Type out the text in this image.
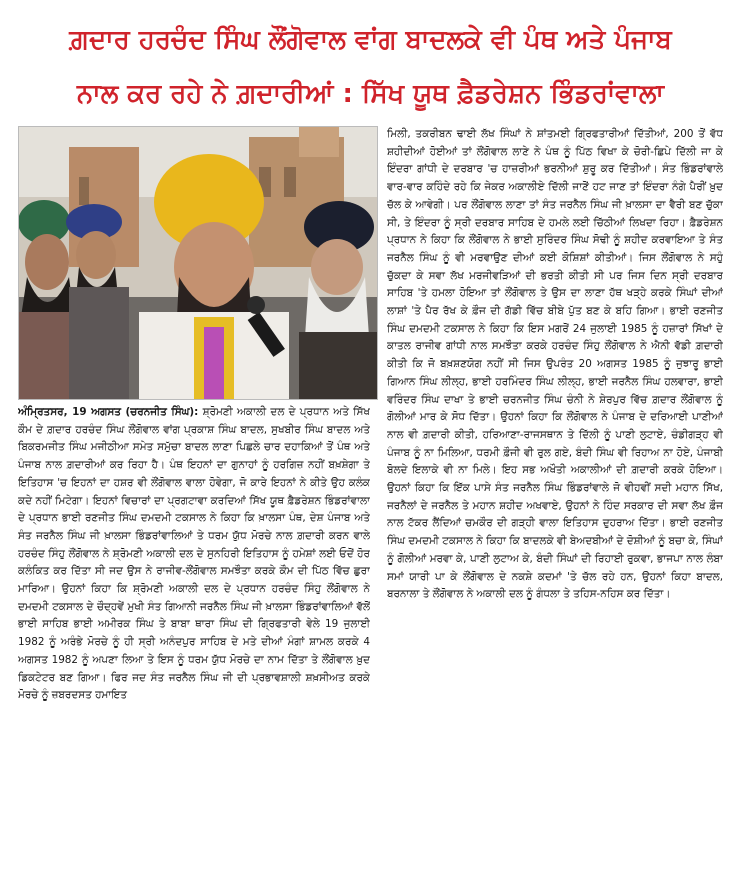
ਗ਼ਦਾਰ ਹਰਚੰਦ ਸਿੰਘ ਲੌਂਗੋਵਾਲ ਵਾਂਗ ਬਾਦਲਕੇ ਵੀ ਪੰਥ ਅਤੇ ਪੰਜਾਬ
ਨਾਲ ਕਰ ਰਹੇ ਨੇ ਗ਼ਦਾਰੀਆਂ : ਸਿੱਖ ਯੂਥ ਫ਼ੈਡਰੇਸ਼ਨ ਭਿੰਡਰਾਂਵਾਲਾ
ਅੰਮ੍ਰਿਤਸਰ, 19 ਅਗਸਤ (ਚਰਨਜੀਤ ਸਿੰਘ): ਸ਼੍ਰੋਮਣੀ ਅਕਾਲੀ ਦਲ ਦੇ ਪ੍ਰਧਾਨ ਅਤੇ ਸਿੱਖ ਕੌਮ ਦੇ ਗ਼ਦਾਰ ਹਰਚੰਦ ਸਿੰਘ ਲੌਂਗੋਵਾਲ ਵਾਂਗ ਪ੍ਰਕਾਸ਼ ਸਿੰਘ ਬਾਦਲ, ਸੁਖਬੀਰ ਸਿੰਘ ਬਾਦਲ ਅਤੇ ਬਿਕਰਮਜੀਤ ਸਿੰਘ ਮਜੀਠੀਆ ਸਮੇਤ ਸਮੁੱਚਾ ਬਾਦਲ ਲਾਣਾ ਪਿਛਲੇ ਚਾਰ ਦਹਾਕਿਆਂ ਤੋਂ ਪੰਥ ਅਤੇ ਪੰਜਾਬ ਨਾਲ ਗ਼ਦਾਰੀਆਂ ਕਰ ਰਿਹਾ ਹੈ। ਪੰਥ ਇਹਨਾਂ ਦਾ ਗੁਨਾਹਾਂ ਨੂੰ ਹਰਗਿਜ਼ ਨਹੀਂ ਬਖ਼ਸ਼ੇਗਾ ਤੇ ਇਤਿਹਾਸ 'ਚ ਇਹਨਾਂ ਦਾ ਹਸ਼ਰ ਵੀ ਲੌਂਗੋਵਾਲ ਵਾਲਾ ਹੋਵੇਗਾ, ਜੋ ਕਾਰੇ ਇਹਨਾਂ ਨੇ ਕੀਤੇ ਉਹ ਕਲੰਕ ਕਦੇ ਨਹੀਂ ਮਿਟੇਗਾ। ਇਹਨਾਂ ਵਿਚਾਰਾਂ ਦਾ ਪ੍ਰਗਟਾਵਾ ਕਰਦਿਆਂ ਸਿੱਖ ਯੂਥ ਫ਼ੈਡਰੇਸ਼ਨ ਭਿੰਡਰਾਂਵਾਲਾ ਦੇ ਪ੍ਰਧਾਨ ਭਾਈ ਰਣਜੀਤ ਸਿੰਘ ਦਮਦਮੀ ਟਕਸਾਲ ਨੇ ਕਿਹਾ ਕਿ ਖ਼ਾਲਸਾ ਪੰਥ, ਦੇਸ਼ ਪੰਜਾਬ ਅਤੇ ਸੰਤ ਜਰਨੈਲ ਸਿੰਘ ਜੀ ਖ਼ਾਲਸਾ ਭਿੰਡਰਾਂਵਾਲਿਆਂ ਤੇ ਧਰਮ ਯੁੱਧ ਮੋਰਚੇ ਨਾਲ ਗ਼ਦਾਰੀ ਕਰਨ ਵਾਲੇ ਹਰਚੰਦ ਸਿੰਹੁ ਲੌਂਗੋਵਾਲ ਨੇ ਸ਼੍ਰੋਮਣੀ ਅਕਾਲੀ ਦਲ ਦੇ ਸੁਨਹਿਰੀ ਇਤਿਹਾਸ ਨੂੰ ਹਮੇਸ਼ਾਂ ਲਈ ਓਦੋਂ ਹੋਰ ਕਲੰਕਿਤ ਕਰ ਦਿੱਤਾ ਸੀ ਜਦ ਉਸ ਨੇ ਰਾਜੀਵ-ਲੌਂਗੋਵਾਲ ਸਮਝੌਤਾ ਕਰਕੇ ਕੌਮ ਦੀ ਪਿੱਠ ਵਿੱਚ ਛੁਰਾ ਮਾਰਿਆ। ਉਹਨਾਂ ਕਿਹਾ ਕਿ ਸ਼੍ਰੋਮਣੀ ਅਕਾਲੀ ਦਲ ਦੇ ਪ੍ਰਧਾਨ ਹਰਚੰਦ ਸਿੰਹੁ ਲੌਂਗੋਵਾਲ ਨੇ ਦਮਦਮੀ ਟਕਸਾਲ ਦੇ ਚੌਦ੍ਹਵੇਂ ਮੁਖੀ ਸੰਤ ਗਿਆਨੀ ਜਰਨੈਲ ਸਿੰਘ ਜੀ ਖ਼ਾਲਸਾ ਭਿੰਡਰਾਂਵਾਲਿਆਂ ਵੱਲੋਂ ਭਾਈ ਸਾਹਿਬ ਭਾਈ ਅਮੀਰਕ ਸਿੰਘ ਤੇ ਬਾਬਾ ਥਾਰਾ ਸਿੰਘ ਦੀ ਗ੍ਰਿਫਤਾਰੀ ਵੇਲੇ 19 ਜੁਲਾਈ 1982 ਨੂੰ ਅਰੰਭੇ ਮੋਰਚੇ ਨੂੰ ਹੀ ਸ੍ਰੀ ਅਨੰਦਪੁਰ ਸਾਹਿਬ ਦੇ ਮਤੇ ਦੀਆਂ ਮੰਗਾਂ ਸ਼ਾਮਲ ਕਰਕੇ 4 ਅਗਸਤ 1982 ਨੂੰ ਅਪਣਾ ਲਿਆ ਤੇ ਇਸ ਨੂੰ ਧਰਮ ਯੁੱਧ ਮੋਰਚੇ ਦਾ ਨਾਮ ਦਿੱਤਾ ਤੇ ਲੌਂਗੋਵਾਲ ਖ਼ੁਦ ਡਿਕਟੇਟਰ ਬਣ ਗਿਆ। ਫਿਰ ਜਦ ਸੰਤ ਜਰਨੈਲ ਸਿੰਘ ਜੀ ਦੀ ਪ੍ਰਭਾਵਸ਼ਾਲੀ ਸ਼ਖ਼ਸੀਅਤ ਕਰਕੇ ਮੋਰਚੇ ਨੂੰ ਜ਼ਬਰਦਸਤ ਹਮਾਇਤ
ਮਿਲੀ, ਤਕਰੀਬਨ ਢਾਈ ਲੱਖ ਸਿੰਘਾਂ ਨੇ ਸ਼ਾਂਤਮਈ ਗ੍ਰਿਫਤਾਰੀਆਂ ਦਿੱਤੀਆਂ, 200 ਤੋਂ ਵੱਧ ਸ਼ਹੀਦੀਆਂ ਹੋਈਆਂ ਤਾਂ ਲੌਂਗੋਵਾਲ ਲਾਣੇ ਨੇ ਪੰਥ ਨੂੰ ਪਿੱਠ ਵਿਖਾ ਕੇ ਚੋਰੀ-ਛਿਪੇ ਦਿੱਲੀ ਜਾ ਕੇ ਇੰਦਰਾ ਗਾਂਧੀ ਦੇ ਦਰਬਾਰ 'ਚ ਹਾਜ਼ਰੀਆਂ ਭਰਨੀਆਂ ਸ਼ੁਰੂ ਕਰ ਦਿੱਤੀਆਂ। ਸੰਤ ਭਿੰਡਰਾਂਵਾਲੇ ਵਾਰ-ਵਾਰ ਕਹਿੰਦੇ ਰਹੇ ਕਿ ਜੇਕਰ ਅਕਾਲੀਏ ਦਿੱਲੀ ਜਾਣੋਂ ਹਟ ਜਾਣ ਤਾਂ ਇੰਦਰਾ ਨੰਗੇ ਪੈਰੀਂ ਖ਼ੁਦ ਚੱਲ ਕੇ ਆਵੇਗੀ। ਪਰ ਲੌਂਗੋਵਾਲ ਲਾਣਾ ਤਾਂ ਸੰਤ ਜਰਨੈਲ ਸਿੰਘ ਜੀ ਖ਼ਾਲਸਾ ਦਾ ਵੈਰੀ ਬਣ ਚੁੱਕਾ ਸੀ, ਤੇ ਇੰਦਰਾ ਨੂੰ ਸ੍ਰੀ ਦਰਬਾਰ ਸਾਹਿਬ ਦੇ ਹਮਲੇ ਲਈ ਚਿੱਠੀਆਂ ਲਿਖਦਾ ਰਿਹਾ। ਫ਼ੈਡਰੇਸ਼ਨ ਪ੍ਰਧਾਨ ਨੇ ਕਿਹਾ ਕਿ ਲੌਂਗੋਵਾਲ ਨੇ ਭਾਈ ਸੁਰਿੰਦਰ ਸਿੰਘ ਸੋਢੀ ਨੂੰ ਸ਼ਹੀਦ ਕਰਵਾਇਆ ਤੇ ਸੰਤ ਜਰਨੈਲ ਸਿੰਘ ਨੂੰ ਵੀ ਮਰਵਾਉਣ ਦੀਆਂ ਕਈ ਕੋਸ਼ਿਸ਼ਾਂ ਕੀਤੀਆਂ। ਜਿਸ ਲੌਂਗੋਵਾਲ ਨੇ ਸਹੁੰ ਚੁੱਕਦਾ ਕੇ ਸਵਾ ਲੱਖ ਮਰਜੀਵੜਿਆਂ ਦੀ ਭਰਤੀ ਕੀਤੀ ਸੀ ਪਰ ਜਿਸ ਦਿਨ ਸ੍ਰੀ ਦਰਬਾਰ ਸਾਹਿਬ 'ਤੇ ਹਮਲਾ ਹੋਇਆ ਤਾਂ ਲੌਂਗੋਵਾਲ ਤੇ ਉਸ ਦਾ ਲਾਣਾ ਹੱਥ ਖੜ੍ਹੇ ਕਰਕੇ ਸਿੰਘਾਂ ਦੀਆਂ ਲਾਸ਼ਾਂ 'ਤੇ ਪੈਰ ਰੱਖ ਕੇ ਫ਼ੌਜ ਦੀ ਗੱਡੀ ਵਿੱਚ ਬੀਬੇ ਪੁੱਤ ਬਣ ਕੇ ਬਹਿ ਗਿਆ। ਭਾਈ ਰਣਜੀਤ ਸਿੰਘ ਦਮਦਮੀ ਟਕਸਾਲ ਨੇ ਕਿਹਾ ਕਿ ਇਸ ਮਗਰੋਂ 24 ਜੁਲਾਈ 1985 ਨੂੰ ਹਜ਼ਾਰਾਂ ਸਿੱਖਾਂ ਦੇ ਕਾਤਲ ਰਾਜੀਵ ਗਾਂਧੀ ਨਾਲ ਸਮਝੌਤਾ ਕਰਕੇ ਹਰਚੰਦ ਸਿੰਹੁ ਲੌਂਗੋਵਾਲ ਨੇ ਐਨੀ ਵੱਡੀ ਗ਼ਦਾਰੀ ਕੀਤੀ ਕਿ ਜੋ ਬਖ਼ਸ਼ਣਯੋਗ ਨਹੀਂ ਸੀ ਜਿਸ ਉਪਰੰਤ 20 ਅਗਸਤ 1985 ਨੂੰ ਜੁਝਾਰੂ ਭਾਈ ਗਿਆਨ ਸਿੰਘ ਲੀਲ੍ਹ, ਭਾਈ ਹਰਮਿੰਦਰ ਸਿੰਘ ਲੀਲ੍ਹ, ਭਾਈ ਜਰਨੈਲ ਸਿੰਘ ਹਲਵਾਰਾ, ਭਾਈ ਵਰਿੰਦਰ ਸਿੰਘ ਦਾਖਾ ਤੇ ਭਾਈ ਚਰਨਜੀਤ ਸਿੰਘ ਚੰਨੀ ਨੇ ਸ਼ੇਰਪੁਰ ਵਿੱਚ ਗ਼ਦਾਰ ਲੌਂਗੋਵਾਲ ਨੂੰ ਗੋਲੀਆਂ ਮਾਰ ਕੇ ਸੋਧ ਦਿੱਤਾ। ਉਹਨਾਂ ਕਿਹਾ ਕਿ ਲੌਂਗੋਵਾਲ ਨੇ ਪੰਜਾਬ ਦੇ ਦਰਿਆਈ ਪਾਣੀਆਂ ਨਾਲ ਵੀ ਗ਼ਦਾਰੀ ਕੀਤੀ, ਹਰਿਆਣਾ-ਰਾਜਸਥਾਨ ਤੇ ਦਿੱਲੀ ਨੂੰ ਪਾਣੀ ਲੁਟਾਏ, ਚੰਡੀਗੜ੍ਹ ਵੀ ਪੰਜਾਬ ਨੂੰ ਨਾ ਮਿਲਿਆ, ਧਰਮੀ ਫ਼ੌਜੀ ਵੀ ਰੁਲ ਗਏ, ਬੰਦੀ ਸਿੰਘ ਵੀ ਰਿਹਾਅ ਨਾ ਹੋਏ, ਪੰਜਾਬੀ ਬੋਲਦੇ ਇਲਾਕੇ ਵੀ ਨਾ ਮਿਲੇ। ਇਹ ਸਭ ਅਖੌਤੀ ਅਕਾਲੀਆਂ ਦੀ ਗ਼ਦਾਰੀ ਕਰਕੇ ਹੋਇਆ। ਉਹਨਾਂ ਕਿਹਾ ਕਿ ਇੱਕ ਪਾਸੇ ਸੰਤ ਜਰਨੈਲ ਸਿੰਘ ਭਿੰਡਰਾਂਵਾਲੇ ਜੋ ਵੀਹਵੀਂ ਸਦੀ ਮਹਾਨ ਸਿੱਖ, ਜਰਨੈਲਾਂ ਦੇ ਜਰਨੈਲ ਤੇ ਮਹਾਨ ਸ਼ਹੀਦ ਅਖਵਾਏ, ਉਹਨਾਂ ਨੇ ਹਿੰਦ ਸਰਕਾਰ ਦੀ ਸਵਾ ਲੱਖ ਫ਼ੌਜ ਨਾਲ ਟੱਕਰ ਲੈਂਦਿਆਂ ਚਮਕੌਰ ਦੀ ਗੜ੍ਹੀ ਵਾਲਾ ਇਤਿਹਾਸ ਦੁਹਰਾਅ ਦਿੱਤਾ। ਭਾਈ ਰਣਜੀਤ ਸਿੰਘ ਦਮਦਮੀ ਟਕਸਾਲ ਨੇ ਕਿਹਾ ਕਿ ਬਾਦਲਕੇ ਵੀ ਬੇਅਦਬੀਆਂ ਦੇ ਦੋਸ਼ੀਆਂ ਨੂੰ ਬਚਾ ਕੇ, ਸਿੰਘਾਂ ਨੂੰ ਗੋਲੀਆਂ ਮਰਵਾ ਕੇ, ਪਾਣੀ ਲੁਟਾਅ ਕੇ, ਬੰਦੀ ਸਿੰਘਾਂ ਦੀ ਰਿਹਾਈ ਰੁਕਵਾ, ਭਾਜਪਾ ਨਾਲ ਲੰਬਾ ਸਮਾਂ ਯਾਰੀ ਪਾ ਕੇ ਲੌਂਗੋਵਾਲ ਦੇ ਨਕਸ਼ੇ ਕਦਮਾਂ 'ਤੇ ਚੱਲ ਰਹੇ ਹਨ, ਉਹਨਾਂ ਕਿਹਾ ਬਾਦਲ, ਬਰਨਾਲਾ ਤੇ ਲੌਂਗੋਵਾਲ ਨੇ ਅਕਾਲੀ ਦਲ ਨੂੰ ਗੰਧਲਾ ਤੇ ਤਹਿਸ-ਨਹਿਸ ਕਰ ਦਿੱਤਾ।
